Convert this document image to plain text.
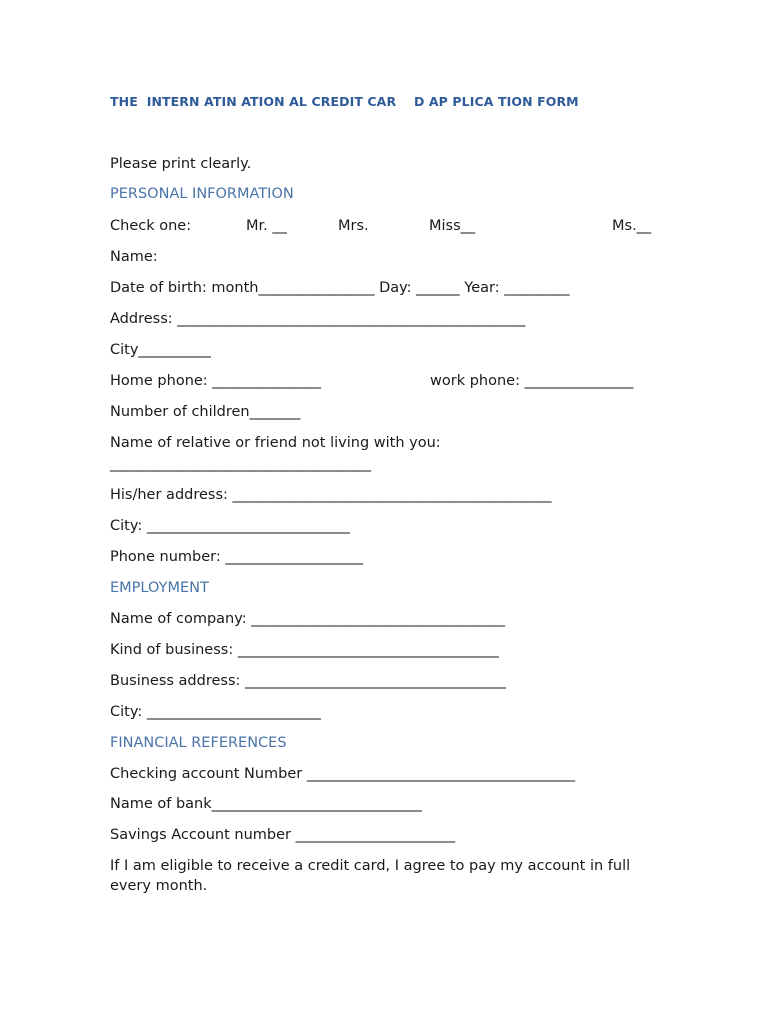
THE  INTERN ATIN ATION AL CREDIT CAR    D AP PLICA TION FORM
Please print clearly.
PERSONAL INFORMATION
Check one:	Mr. __	Mrs.	Miss__	Ms.__
Name:
Date of birth: month________________ Day: ______ Year: _________
Address: ________________________________________________
City__________
Home phone: _______________	work phone: _______________
Number of children_______
Name of relative or friend not living with you:
____________________________________
His/her address: ____________________________________________
City: ____________________________
Phone number: ___________________
EMPLOYMENT
Name of company: ___________________________________
Kind of business: ____________________________________
Business address: ____________________________________
City: ________________________
FINANCIAL REFERENCES
Checking account Number _____________________________________
Name of bank_____________________________
Savings Account number ______________________
If I am eligible to receive a credit card, I agree to pay my account in full every month.
